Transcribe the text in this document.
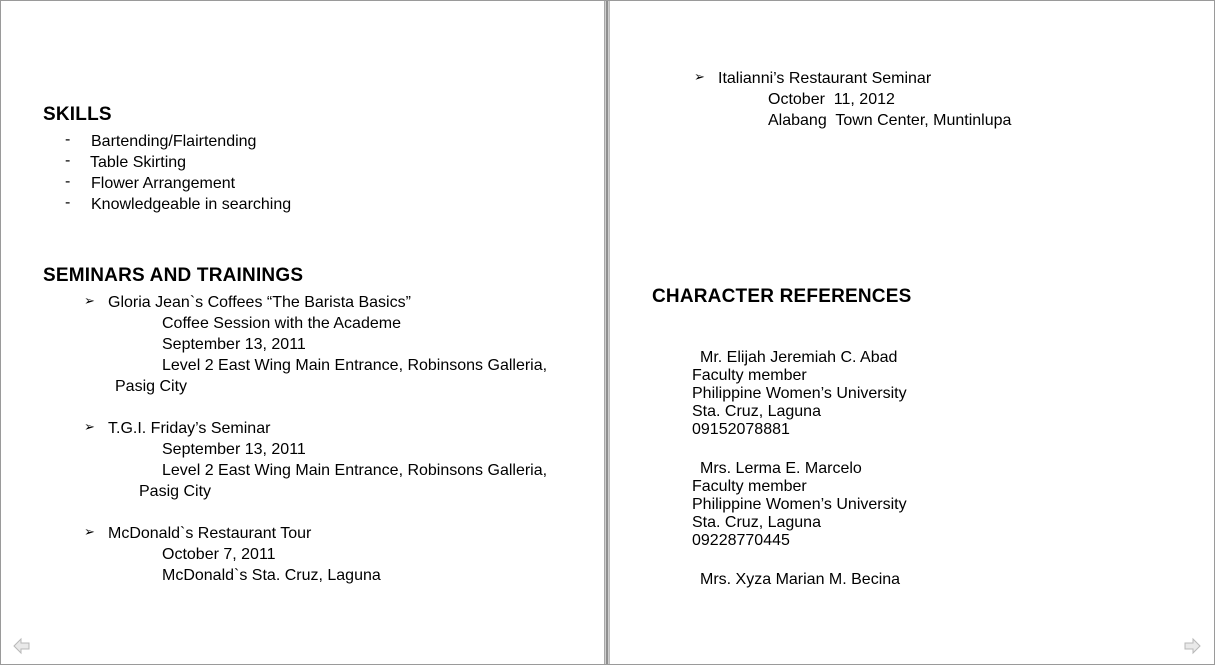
SKILLS
- Bartending/Flairtending
- Table Skirting
- Flower Arrangement
- Knowledgeable in searching
SEMINARS AND TRAININGS
➢ Gloria Jean`s Coffees “The Barista Basics”
Coffee Session with the Academe
September 13, 2011
Level 2 East Wing Main Entrance, Robinsons Galleria,
Pasig City
➢ T.G.I. Friday’s Seminar
September 13, 2011
Level 2 East Wing Main Entrance, Robinsons Galleria,
Pasig City
➢ McDonald`s Restaurant Tour
October 7, 2011
McDonald`s Sta. Cruz, Laguna
➢ Italianni’s Restaurant Seminar
October  11, 2012
Alabang  Town Center, Muntinlupa
CHARACTER REFERENCES
Mr. Elijah Jeremiah C. Abad
Faculty member
Philippine Women’s University
Sta. Cruz, Laguna
09152078881
Mrs. Lerma E. Marcelo
Faculty member
Philippine Women’s University
Sta. Cruz, Laguna
09228770445
Mrs. Xyza Marian M. Becina
